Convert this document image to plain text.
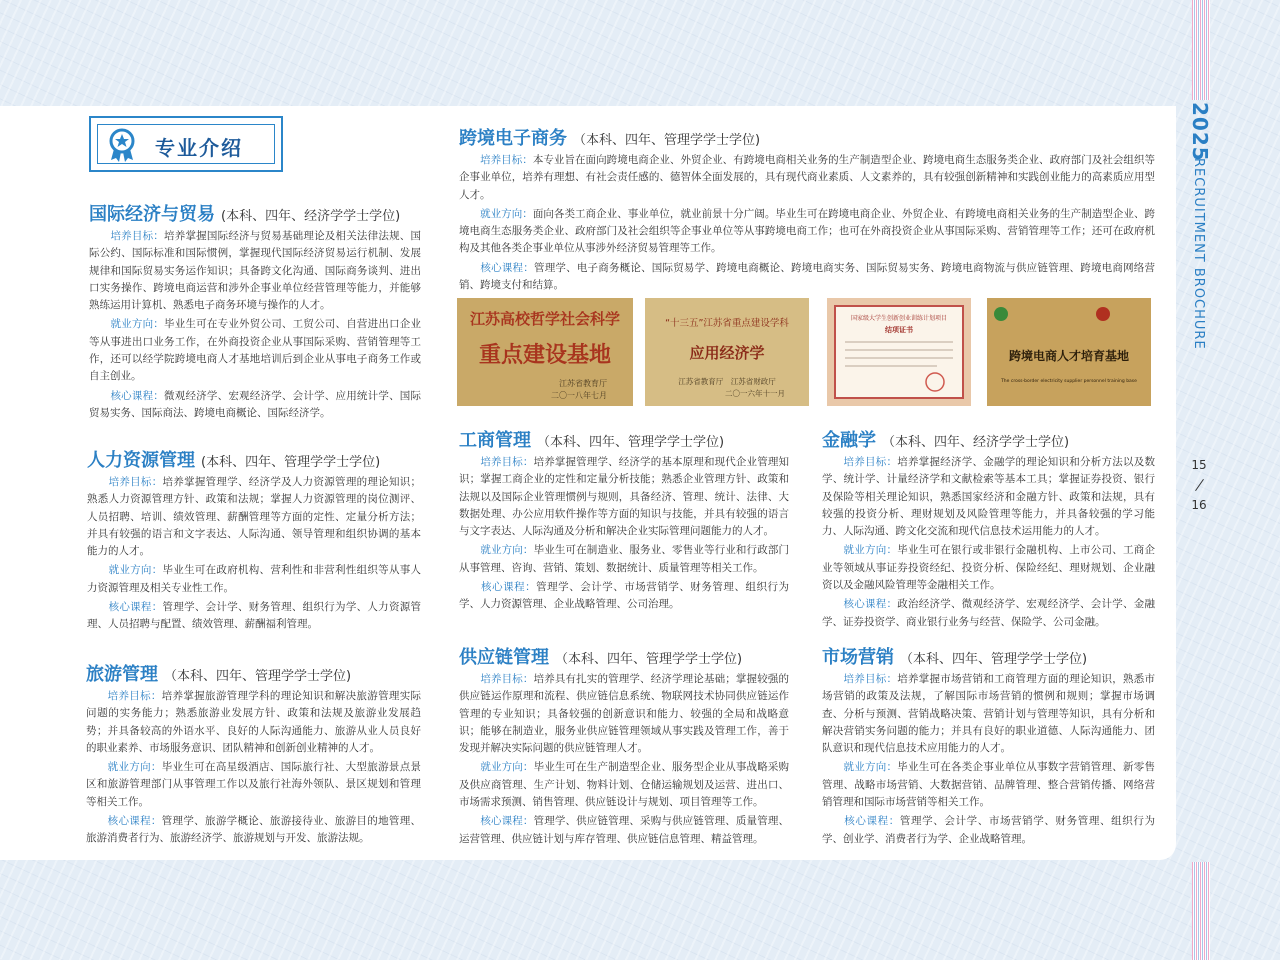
2025
RECRUITMENT BROCHURE
15
16
专业介绍
国际经济与贸易 (本科、四年、经济学学士学位)

　　培养目标：培养掌握国际经济与贸易基础理论及相关法律法规、国际公约、国际标准和国际惯例，掌握现代国际经济贸易运行机制、发展规律和国际贸易实务运作知识；具备跨文化沟通、国际商务谈判、进出口实务操作、跨境电商运营和涉外企事业单位经营管理等能力，并能够熟练运用计算机、熟悉电子商务环境与操作的人才。

　　就业方向：毕业生可在专业外贸公司、工贸公司、自营进出口企业等从事进出口业务工作，在外商投资企业从事国际采购、营销管理等工作，还可以经学院跨境电商人才基地培训后到企业从事电子商务工作或自主创业。

　　核心课程：微观经济学、宏观经济学、会计学、应用统计学、国际贸易实务、国际商法、跨境电商概论、国际经济学。

人力资源管理 (本科、四年、管理学学士学位)

　　培养目标：培养掌握管理学、经济学及人力资源管理的理论知识；熟悉人力资源管理方针、政策和法规；掌握人力资源管理的岗位测评、人员招聘、培训、绩效管理、薪酬管理等方面的定性、定量分析方法；并具有较强的语言和文字表达、人际沟通、领导管理和组织协调的基本能力的人才。

　　就业方向：毕业生可在政府机构、营利性和非营利性组织等从事人力资源管理及相关专业性工作。

　　核心课程：管理学、会计学、财务管理、组织行为学、人力资源管理、人员招聘与配置、绩效管理、薪酬福利管理。

旅游管理 （本科、四年、管理学学士学位)

　　培养目标：培养掌握旅游管理学科的理论知识和解决旅游管理实际问题的实务能力；熟悉旅游业发展方针、政策和法规及旅游业发展趋势；并具备较高的外语水平、良好的人际沟通能力、旅游从业人员良好的职业素养、市场服务意识、团队精神和创新创业精神的人才。

　　就业方向：毕业生可在高星级酒店、国际旅行社、大型旅游景点景区和旅游管理部门从事管理工作以及旅行社海外领队、景区规划和管理等相关工作。

　　核心课程：管理学、旅游学概论、旅游接待业、旅游目的地管理、旅游消费者行为、旅游经济学、旅游规划与开发、旅游法规。

跨境电子商务 （本科、四年、管理学学士学位)

　　培养目标：本专业旨在面向跨境电商企业、外贸企业、有跨境电商相关业务的生产制造型企业、跨境电商生态服务类企业、政府部门及社会组织等企事业单位，培养有理想、有社会责任感的、德智体全面发展的，具有现代商业素质、人文素养的，具有较强创新精神和实践创业能力的高素质应用型人才。

　　就业方向：面向各类工商企业、事业单位，就业前景十分广阔。毕业生可在跨境电商企业、外贸企业、有跨境电商相关业务的生产制造型企业、跨境电商生态服务类企业、政府部门及社会组织等企事业单位等从事跨境电商工作；也可在外商投资企业从事国际采购、营销管理等工作；还可在政府机构及其他各类企事业单位从事涉外经济贸易管理等工作。

　　核心课程：管理学、电子商务概论、国际贸易学、跨境电商概论、跨境电商实务、国际贸易实务、跨境电商物流与供应链管理、跨境电商网络营销、跨境支付和结算。

江苏高校哲学社会科学
重点建设基地
江苏省教育厅
二〇一八年七月
“十三五”江苏省重点建设学科
应用经济学
江苏省教育厅　江苏省财政厅
二〇一六年十一月
国家级大学生创新创业训练计划项目
结项证书
跨境电商人才培育基地
The cross-border electricity supplier personnel training base
工商管理 （本科、四年、管理学学士学位)

　　培养目标：培养掌握管理学、经济学的基本原理和现代企业管理知识；掌握工商企业的定性和定量分析技能；熟悉企业管理方针、政策和法规以及国际企业管理惯例与规则，具备经济、管理、统计、法律、大数据处理、办公应用软件操作等方面的知识与技能，并具有较强的语言与文字表达、人际沟通及分析和解决企业实际管理问题能力的人才。

　　就业方向：毕业生可在制造业、服务业、零售业等行业和行政部门从事管理、咨询、营销、策划、数据统计、质量管理等相关工作。

　　核心课程：管理学、会计学、市场营销学、财务管理、组织行为学、人力资源管理、企业战略管理、公司治理。

供应链管理 （本科、四年、管理学学士学位)

　　培养目标：培养具有扎实的管理学、经济学理论基础；掌握较强的供应链运作原理和流程、供应链信息系统、物联网技术协同供应链运作管理的专业知识；具备较强的创新意识和能力、较强的全局和战略意识；能够在制造业，服务业供应链管理领域从事实践及管理工作，善于发现并解决实际问题的供应链管理人才。

　　就业方向：毕业生可在生产制造型企业、服务型企业从事战略采购及供应商管理、生产计划、物料计划、仓储运输规划及运营、进出口、市场需求预测、销售管理、供应链设计与规划、项目管理等工作。

　　核心课程：管理学、供应链管理、采购与供应链管理、质量管理、运营管理、供应链计划与库存管理、供应链信息管理、精益管理。

金融学 （本科、四年、经济学学士学位)

　　培养目标：培养掌握经济学、金融学的理论知识和分析方法以及数学、统计学、计量经济学和文献检索等基本工具；掌握证券投资、银行及保险等相关理论知识，熟悉国家经济和金融方针、政策和法规，具有较强的投资分析、理财规划及风险管理等能力，并具备较强的学习能力、人际沟通、跨文化交流和现代信息技术运用能力的人才。

　　就业方向：毕业生可在银行或非银行金融机构、上市公司、工商企业等领域从事证券投资经纪、投资分析、保险经纪、理财规划、企业融资以及金融风险管理等金融相关工作。

　　核心课程：政治经济学、微观经济学、宏观经济学、会计学、金融学、证券投资学、商业银行业务与经营、保险学、公司金融。

市场营销 （本科、四年、管理学学士学位)

　　培养目标：培养掌握市场营销和工商管理方面的理论知识，熟悉市场营销的政策及法规，了解国际市场营销的惯例和规则；掌握市场调查、分析与预测、营销战略决策、营销计划与管理等知识，具有分析和解决营销实务问题的能力；并具有良好的职业道德、人际沟通能力、团队意识和现代信息技术应用能力的人才。

　　就业方向：毕业生可在各类企事业单位从事数字营销管理、新零售管理、战略市场营销、大数据营销、品牌管理、整合营销传播、网络营销管理和国际市场营销等相关工作。

　　核心课程：管理学、会计学、市场营销学、财务管理、组织行为学、创业学、消费者行为学、企业战略管理。
